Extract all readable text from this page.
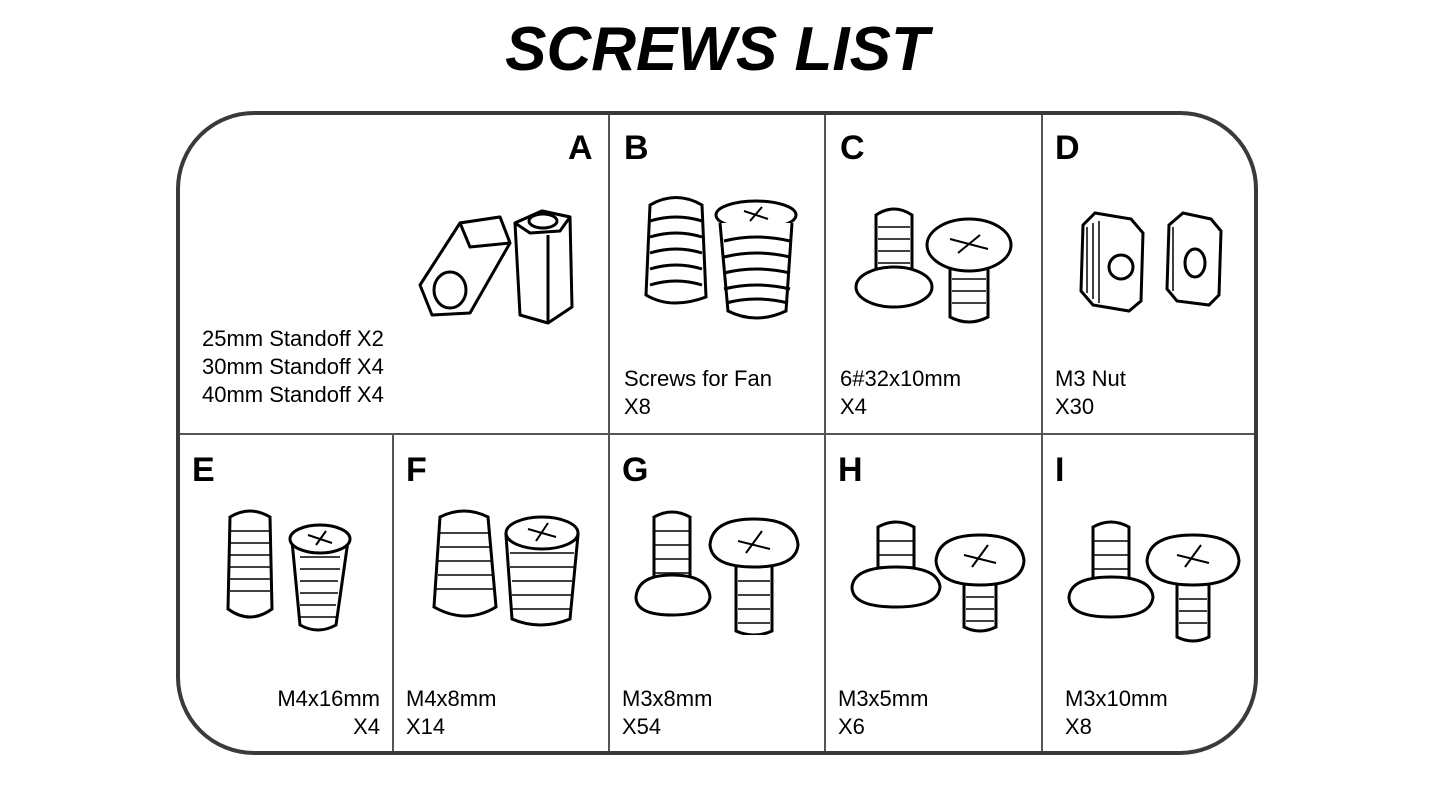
SCREWS LIST
A
25mm Standoff X2
30mm Standoff X4
40mm Standoff X4
B
Screws for Fan
X8
C
6#32x10mm
X4
D
M3 Nut
X30
E
M4x16mm
X4
F
M4x8mm
X14
G
M3x8mm
X54
H
M3x5mm
X6
I
M3x10mm
X8
